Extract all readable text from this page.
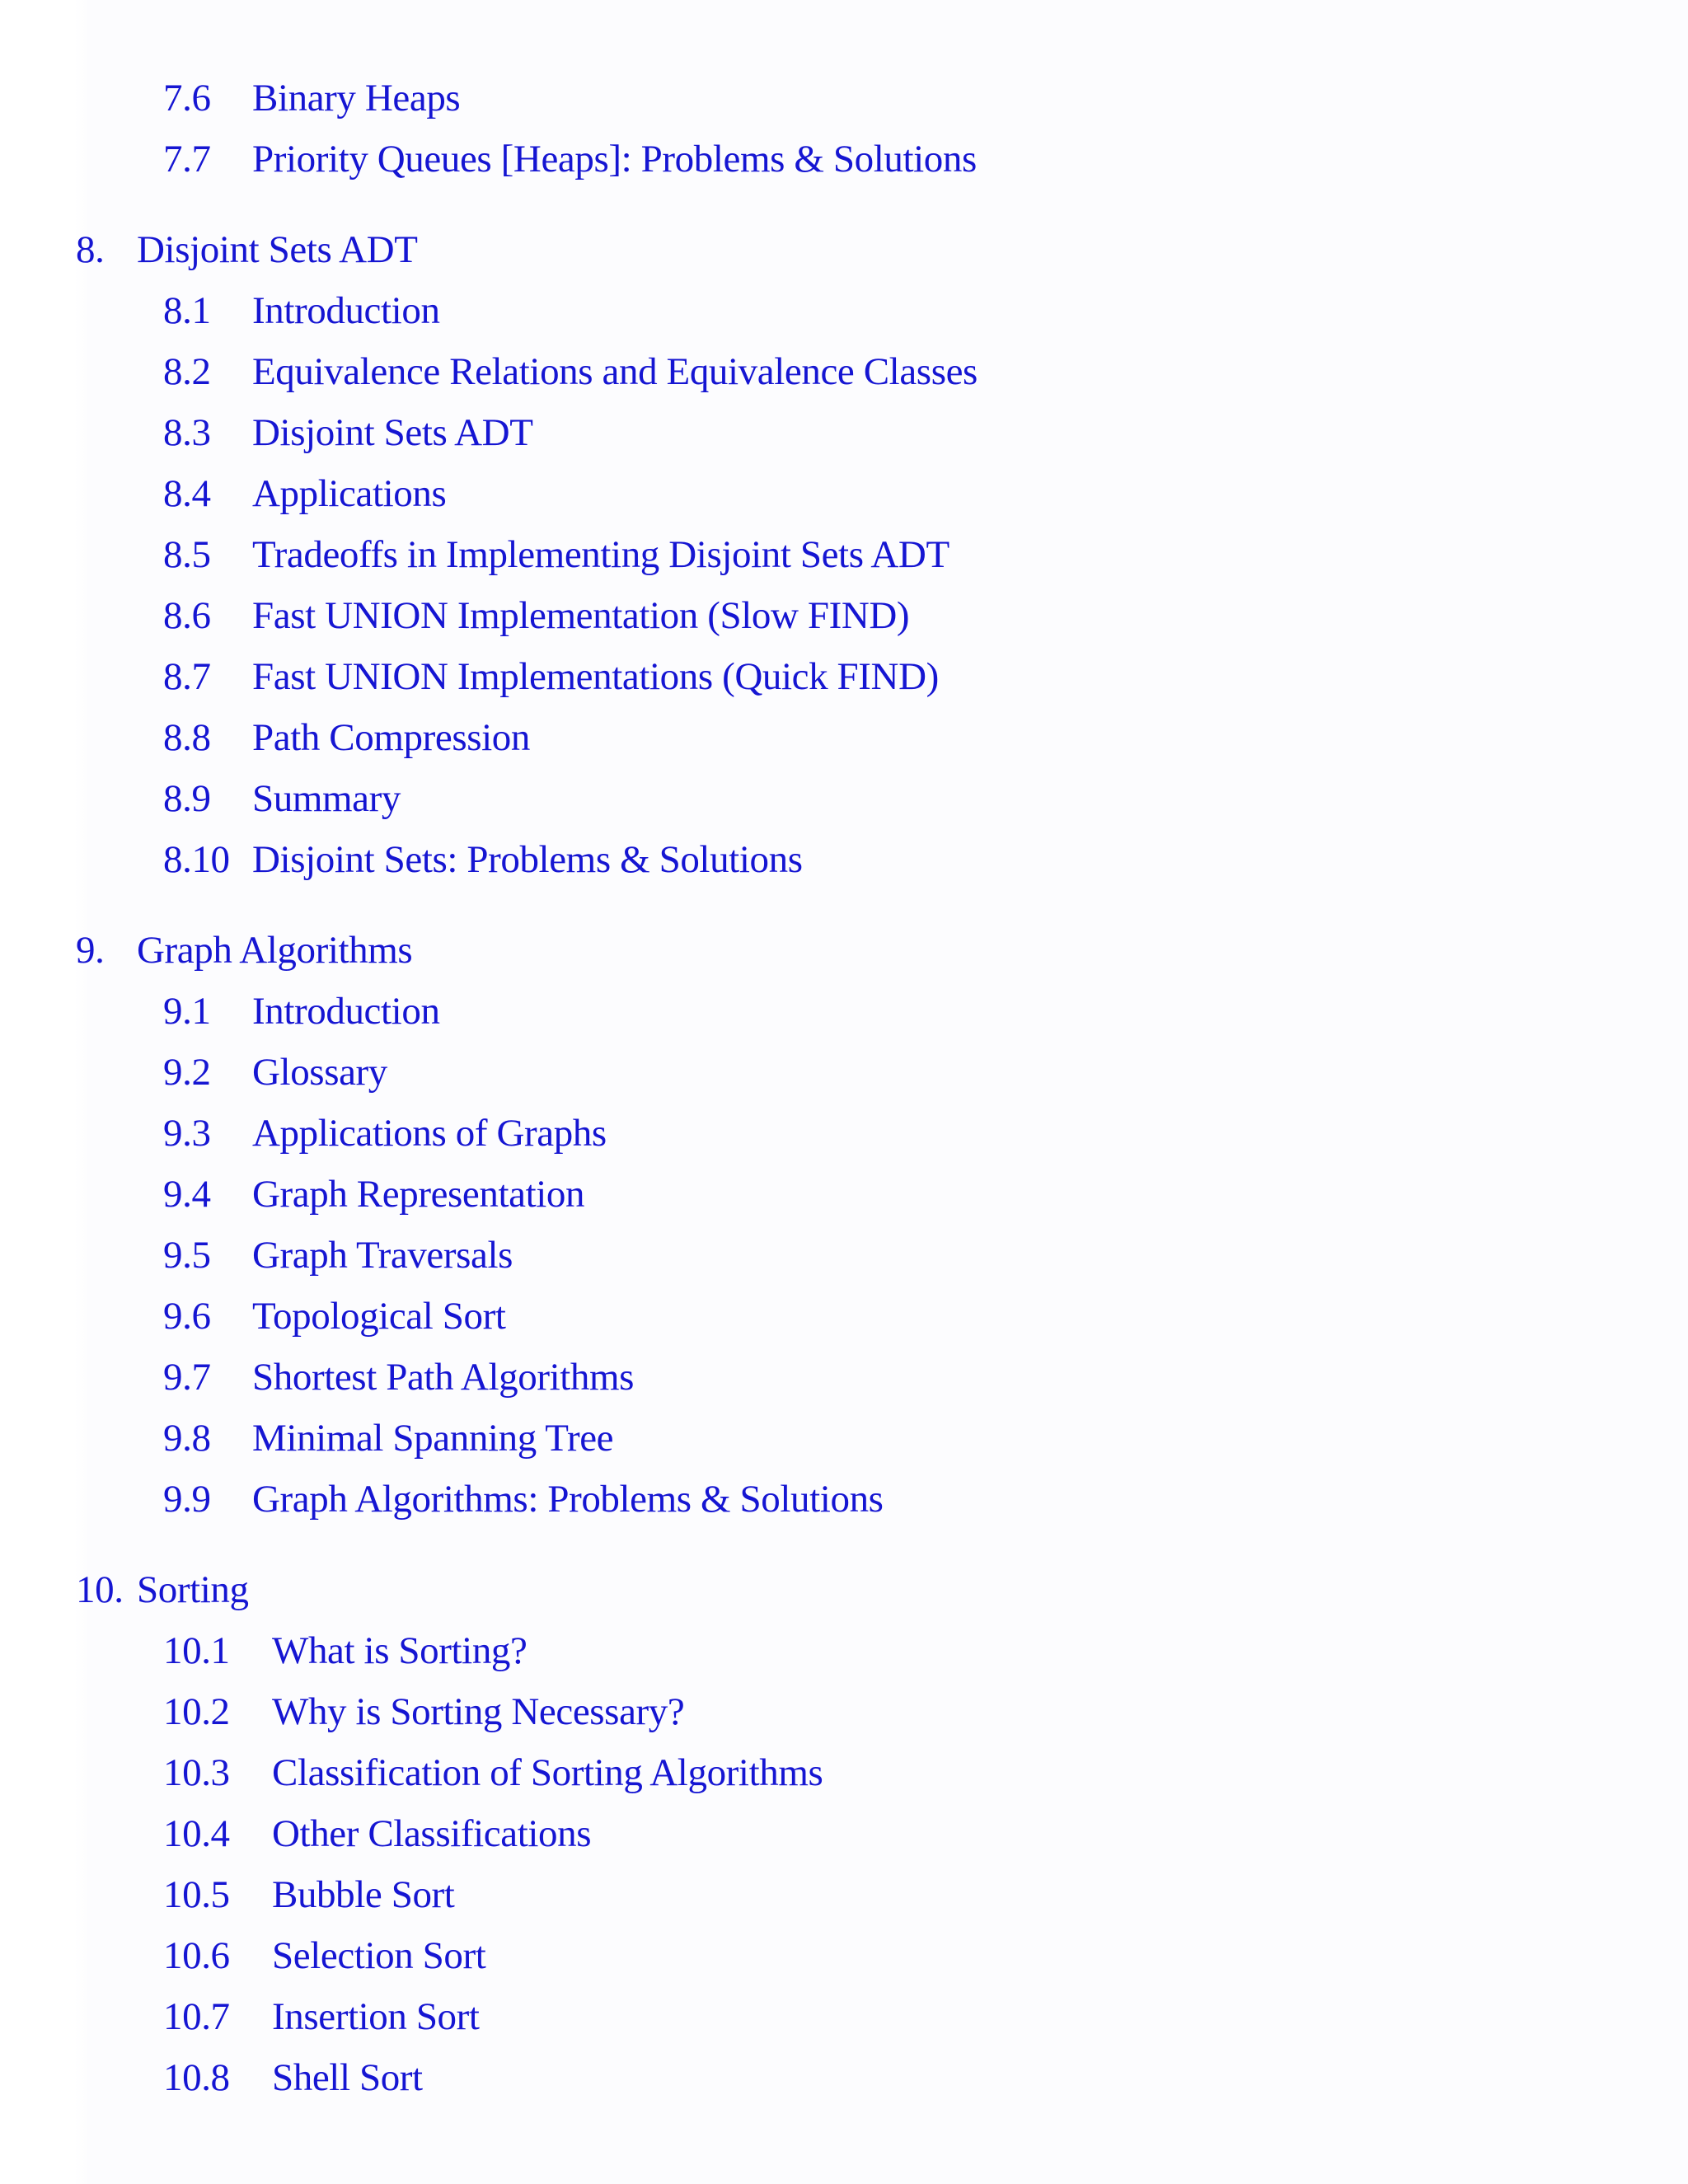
7.6	Binary Heaps
7.7	Priority Queues [Heaps]: Problems & Solutions
8. Disjoint Sets ADT
8.1	Introduction
8.2	Equivalence Relations and Equivalence Classes
8.3	Disjoint Sets ADT
8.4	Applications
8.5	Tradeoffs in Implementing Disjoint Sets ADT
8.6	Fast UNION Implementation (Slow FIND)
8.7	Fast UNION Implementations (Quick FIND)
8.8	Path Compression
8.9	Summary
8.10 Disjoint Sets: Problems & Solutions
9. Graph Algorithms
9.1	Introduction
9.2	Glossary
9.3	Applications of Graphs
9.4	Graph Representation
9.5	Graph Traversals
9.6	Topological Sort
9.7	Shortest Path Algorithms
9.8	Minimal Spanning Tree
9.9	Graph Algorithms: Problems & Solutions
10. Sorting
10.1	What is Sorting?
10.2	Why is Sorting Necessary?
10.3	Classification of Sorting Algorithms
10.4	Other Classifications
10.5	Bubble Sort
10.6	Selection Sort
10.7	Insertion Sort
10.8	Shell Sort
